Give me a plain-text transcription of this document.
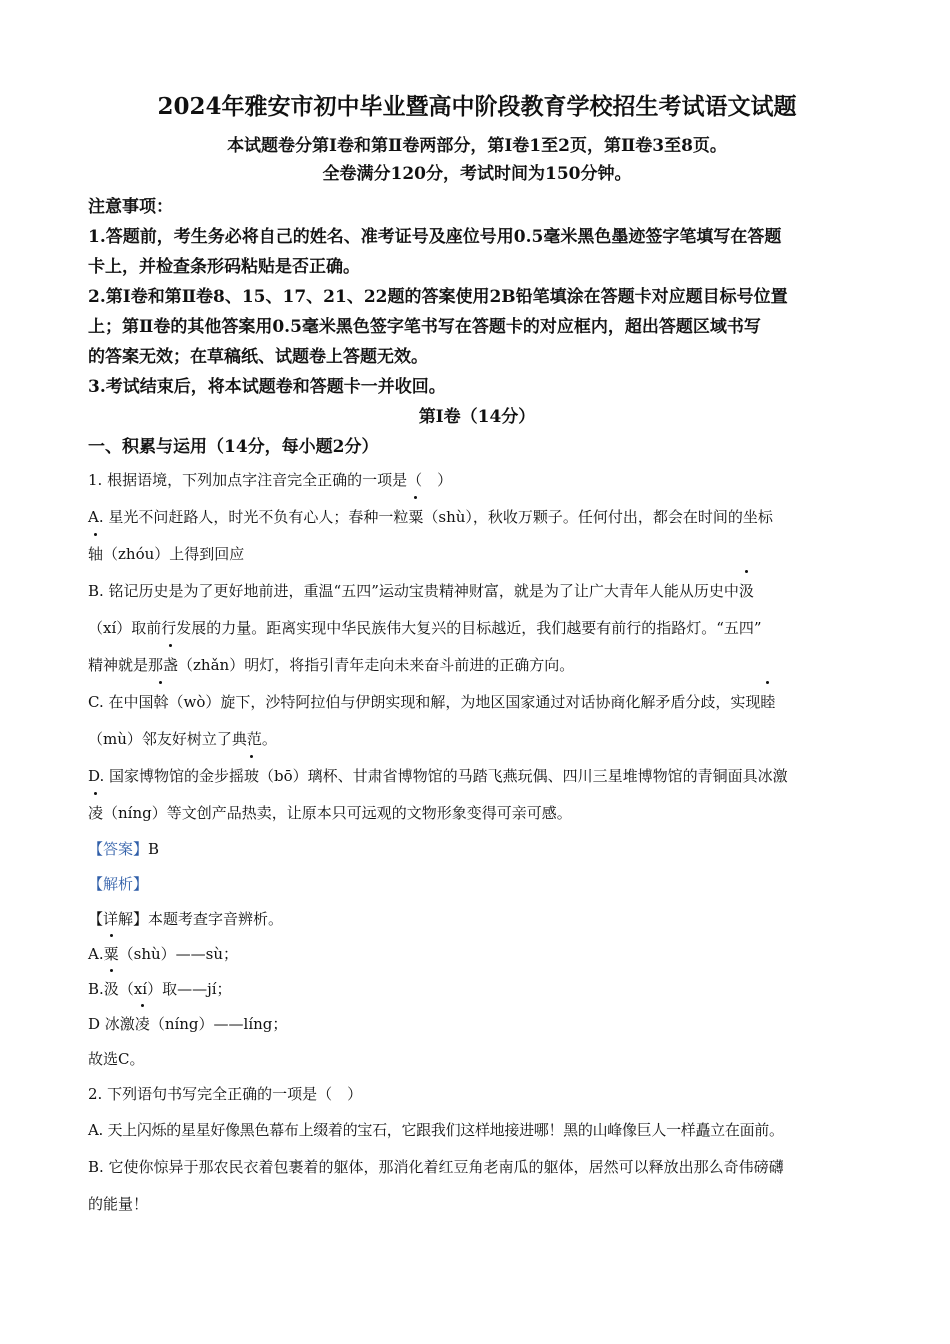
2024年雅安市初中毕业暨高中阶段教育学校招生考试语文试题
本试题卷分第Ⅰ卷和第Ⅱ卷两部分，第Ⅰ卷1至2页，第Ⅱ卷3至8页。
全卷满分120分，考试时间为150分钟。
注意事项：
1.答题前，考生务必将自己的姓名、准考证号及座位号用0.5毫米黑色墨迹签字笔填写在答题
卡上，并检查条形码粘贴是否正确。
2.第Ⅰ卷和第Ⅱ卷8、15、17、21、22题的答案使用2B铅笔填涂在答题卡对应题目标号位置
上；第Ⅱ卷的其他答案用0.5毫米黑色签字笔书写在答题卡的对应框内，超出答题区域书写
的答案无效；在草稿纸、试题卷上答题无效。
3.考试结束后，将本试题卷和答题卡一并收回。
第Ⅰ卷（14分）
一、积累与运用（14分，每小题2分）
1. 根据语境，下列加点字注音完全正确的一项是（　）
A. 星光不问赶路人，时光不负有心人；春种一粒粟（shù），秋收万颗子。任何付出，都会在时间的坐标
轴（zhóu）上得到回应
B. 铭记历史是为了更好地前进，重温“五四”运动宝贵精神财富，就是为了让广大青年人能从历史中汲
（xí）取前行发展的力量。距离实现中华民族伟大复兴的目标越近，我们越要有前行的指路灯。“五四”
精神就是那盏（zhǎn）明灯，将指引青年走向未来奋斗前进的正确方向。
C. 在中国斡（wò）旋下，沙特阿拉伯与伊朗实现和解，为地区国家通过对话协商化解矛盾分歧，实现睦
（mù）邻友好树立了典范。
D. 国家博物馆的金步摇玻（bō）璃杯、甘肃省博物馆的马踏飞燕玩偶、四川三星堆博物馆的青铜面具冰激
凌（níng）等文创产品热卖，让原本只可远观的文物形象变得可亲可感。
【答案】B
【解析】
【详解】本题考查字音辨析。
A.粟（shù）——sù；
B.汲（xí）取——jí；
D 冰激凌（níng）——líng；
故选C。
2. 下列语句书写完全正确的一项是（　）
A. 天上闪烁的星星好像黑色幕布上缀着的宝石，它跟我们这样地接进哪！黑的山峰像巨人一样矗立在面前。
B. 它使你惊异于那农民衣着包裹着的躯体，那消化着红豆角老南瓜的躯体，居然可以释放出那么奇伟磅礴
的能量！
